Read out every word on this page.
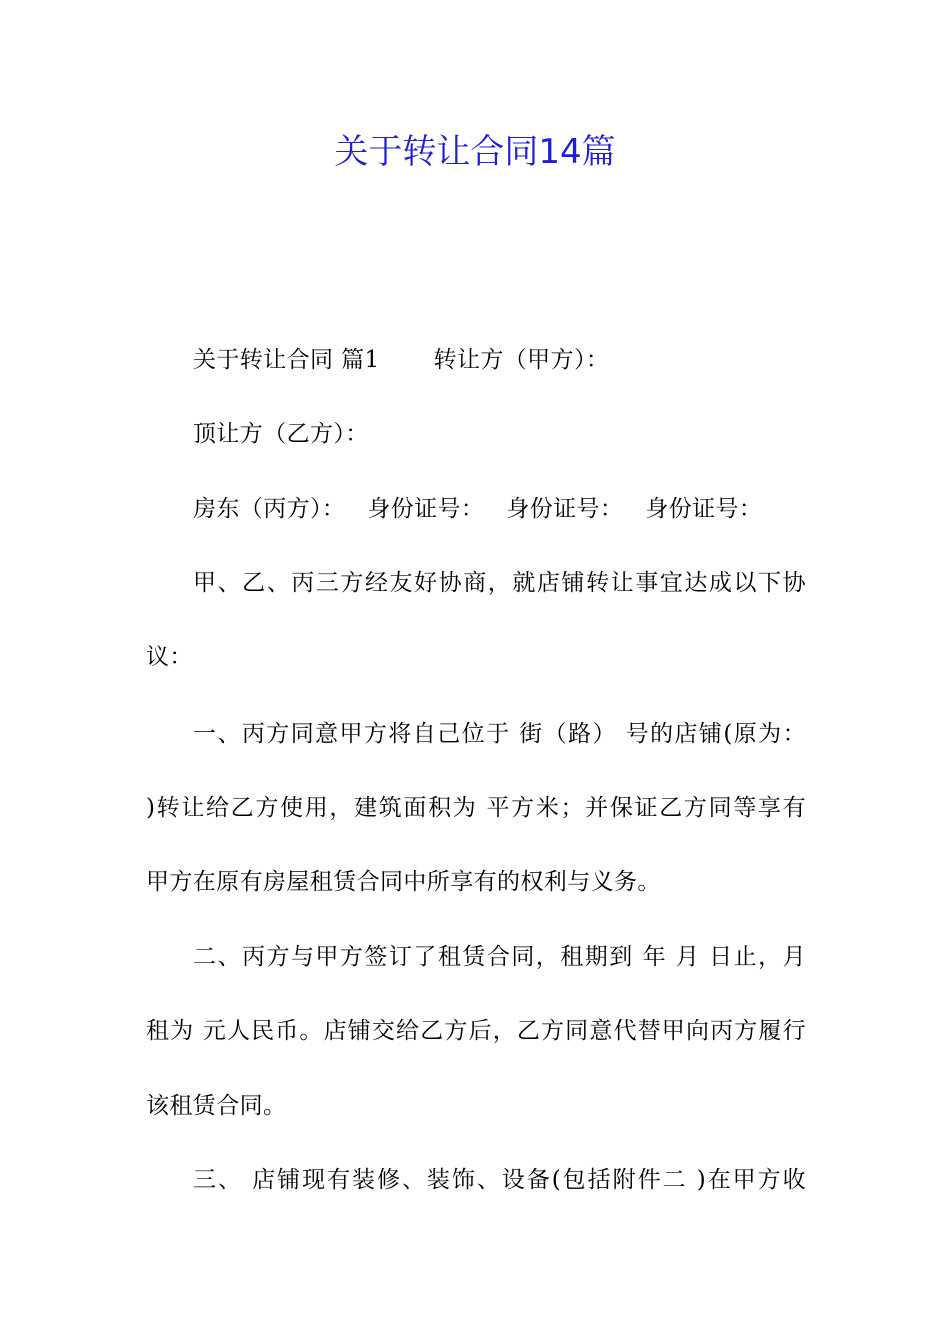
关于转让合同14篇
关于转让合同 篇1 转让方（甲方）：
顶让方（乙方）：
房东（丙方）： 身份证号： 身份证号： 身份证号：
甲、乙、丙三方经友好协商，就店铺转让事宜达成以下协
议：
一、丙方同意甲方将自己位于 街（路） 号的店铺(原为：
)转让给乙方使用，建筑面积为 平方米；并保证乙方同等享有
甲方在原有房屋租赁合同中所享有的权利与义务。
二、丙方与甲方签订了租赁合同，租期到 年 月 日止，月
租为 元人民币。店铺交给乙方后，乙方同意代替甲向丙方履行
该租赁合同。
三、 店铺现有装修、装饰、设备(包括附件二 )在甲方收
